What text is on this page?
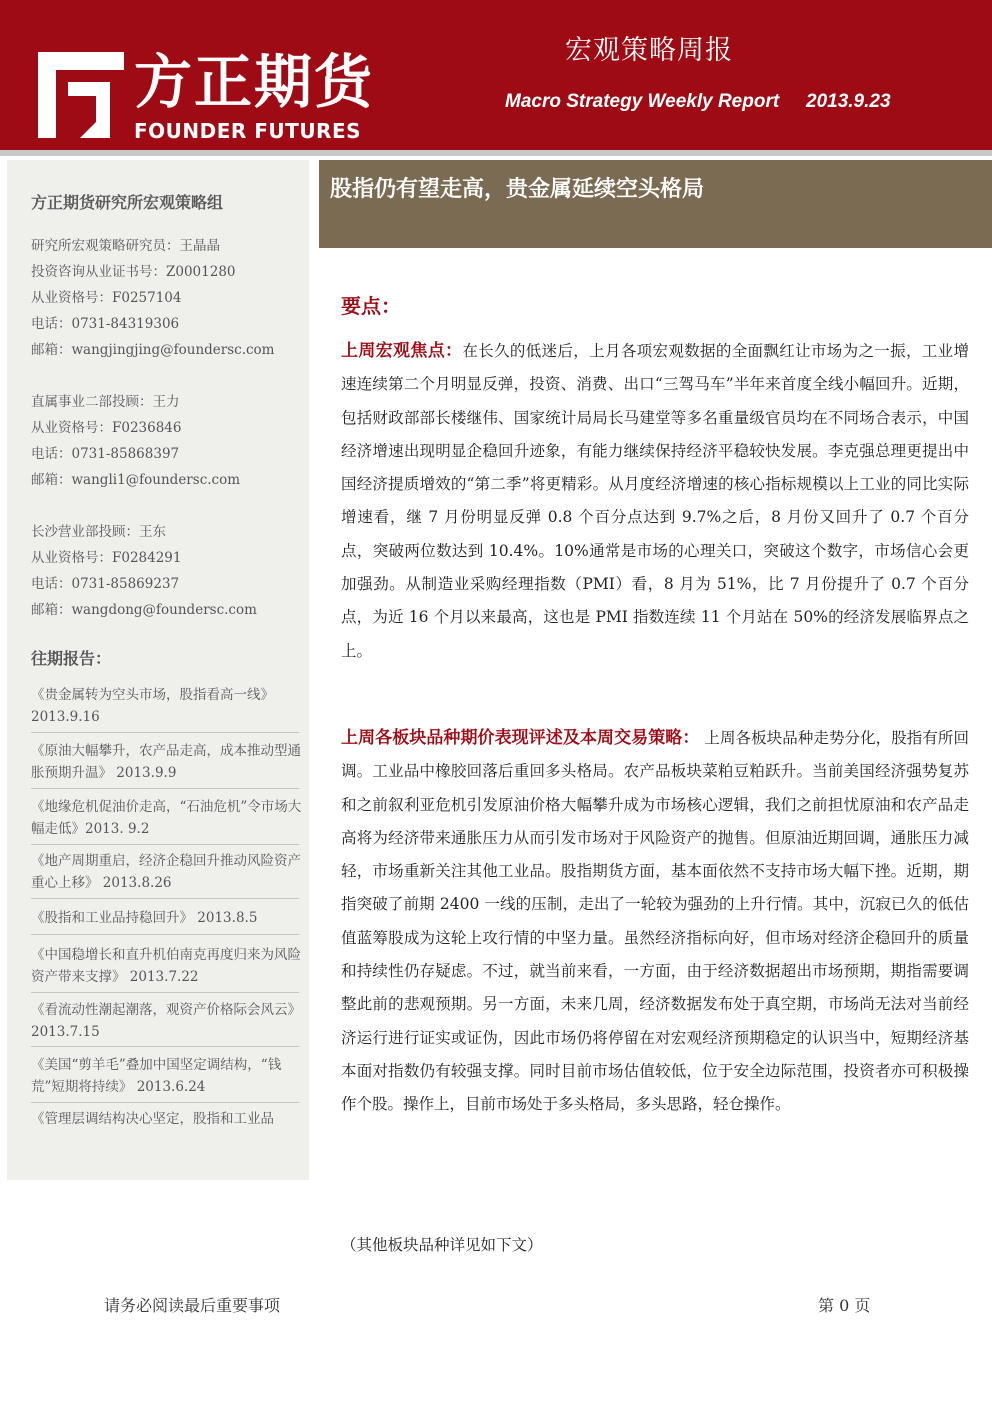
方正期货
FOUNDER FUTURES
宏观策略周报
Macro Strategy Weekly Report 2013.9.23
方正期货研究所宏观策略组
研究所宏观策略研究员：王晶晶
投资咨询从业证书号：Z0001280
从业资格号：F0257104
电话：0731-84319306
邮箱：wangjingjing@foundersc.com
直属事业二部投顾：王力
从业资格号：F0236846
电话：0731-85868397
邮箱：wangli1@foundersc.com
长沙营业部投顾：王东
从业资格号：F0284291
电话：0731-85869237
邮箱：wangdong@foundersc.com
往期报告：
《贵金属转为空头市场，股指看高一线》2013.9.16
《原油大幅攀升，农产品走高，成本推动型通胀预期升温》 2013.9.9
《地缘危机促油价走高，“石油危机”令市场大幅走低》2013. 9.2
《地产周期重启，经济企稳回升推动风险资产重心上移》 2013.8.26
《股指和工业品持稳回升》 2013.8.5
《中国稳增长和直升机伯南克再度归来为风险资产带来支撑》 2013.7.22
《看流动性潮起潮落，观资产价格际会风云》 2013.7.15
《美国“剪羊毛”叠加中国坚定调结构，“钱荒”短期将持续》 2013.6.24
《管理层调结构决心坚定，股指和工业品
股指仍有望走高，贵金属延续空头格局
要点：
上周宏观焦点：在长久的低迷后，上月各项宏观数据的全面飘红让市场为之一振，工业增速连续第二个月明显反弹，投资、消费、出口“三驾马车”半年来首度全线小幅回升。近期，包括财政部部长楼继伟、国家统计局局长马建堂等多名重量级官员均在不同场合表示，中国经济增速出现明显企稳回升迹象，有能力继续保持经济平稳较快发展。李克强总理更提出中国经济提质增效的“第二季”将更精彩。从月度经济增速的核心指标规模以上工业的同比实际增速看，继 7 月份明显反弹 0.8 个百分点达到 9.7%之后，8 月份又回升了 0.7 个百分点，突破两位数达到 10.4%。10%通常是市场的心理关口，突破这个数字，市场信心会更加强劲。从制造业采购经理指数（PMI）看，8 月为 51%，比 7 月份提升了 0.7 个百分点，为近 16 个月以来最高，这也是 PMI 指数连续 11 个月站在 50%的经济发展临界点之上。
上周各板块品种期价表现评述及本周交易策略： 上周各板块品种走势分化，股指有所回调。工业品中橡胶回落后重回多头格局。农产品板块菜粕豆粕跃升。当前美国经济强势复苏和之前叙利亚危机引发原油价格大幅攀升成为市场核心逻辑，我们之前担忧原油和农产品走高将为经济带来通胀压力从而引发市场对于风险资产的抛售。但原油近期回调，通胀压力减轻，市场重新关注其他工业品。股指期货方面，基本面依然不支持市场大幅下挫。近期，期指突破了前期 2400 一线的压制，走出了一轮较为强劲的上升行情。其中，沉寂已久的低估值蓝筹股成为这轮上攻行情的中坚力量。虽然经济指标向好，但市场对经济企稳回升的质量和持续性仍存疑虑。不过，就当前来看，一方面，由于经济数据超出市场预期，期指需要调整此前的悲观预期。另一方面，未来几周，经济数据发布处于真空期，市场尚无法对当前经济运行进行证实或证伪，因此市场仍将停留在对宏观经济预期稳定的认识当中，短期经济基本面对指数仍有较强支撑。同时目前市场估值较低，位于安全边际范围，投资者亦可积极操作个股。操作上，目前市场处于多头格局，多头思路，轻仓操作。
（其他板块品种详见如下文）
请务必阅读最后重要事项	第 0 页
